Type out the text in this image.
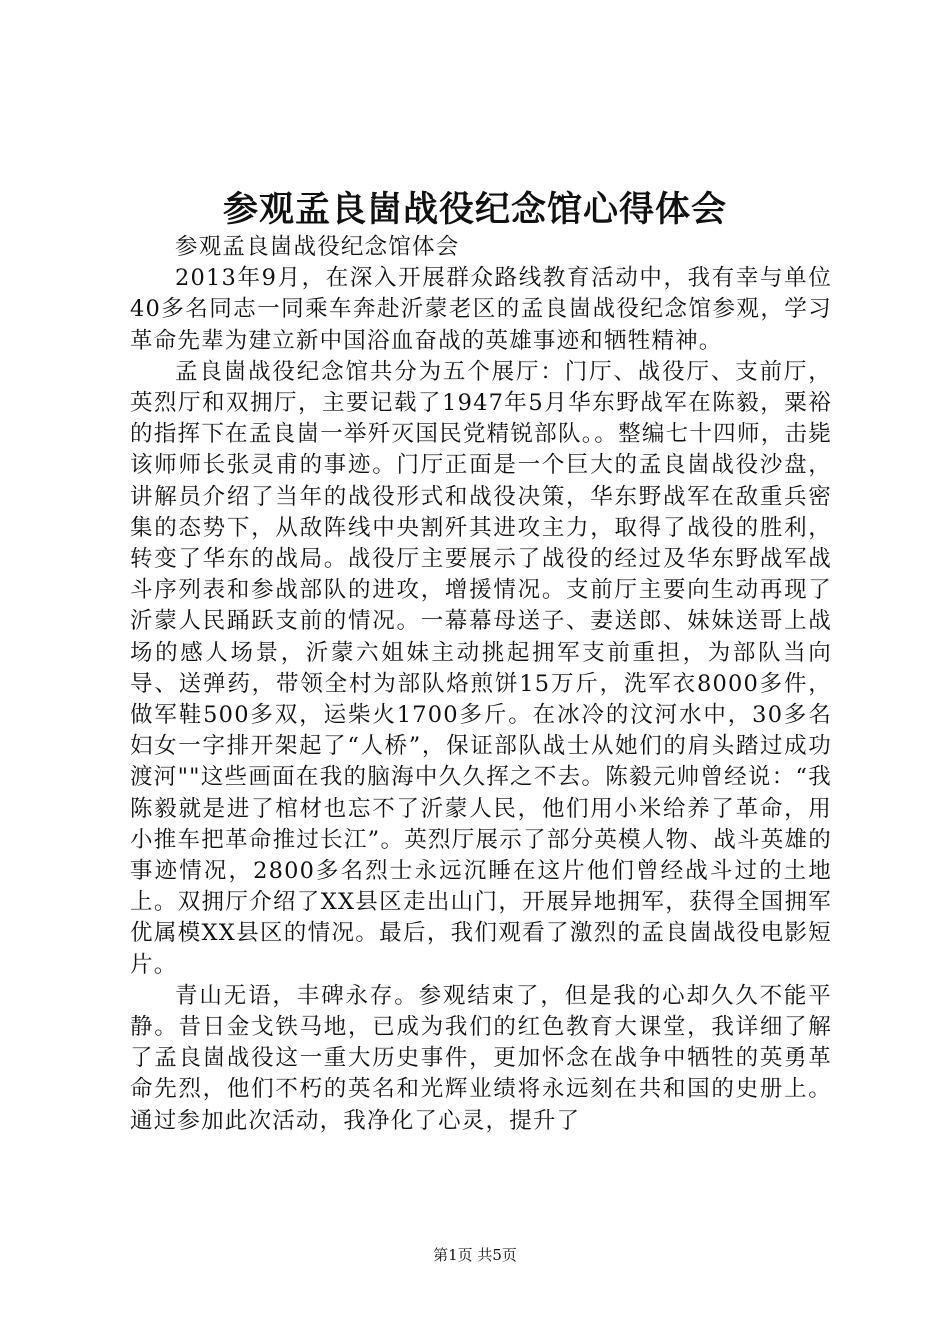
参观孟良崮战役纪念馆心得体会

参观孟良崮战役纪念馆体会

2013年9月，在深入开展群众路线教育活动中，我有幸与单位40多名同志一同乘车奔赴沂蒙老区的孟良崮战役纪念馆参观，学习革命先辈为建立新中国浴血奋战的英雄事迹和牺牲精神。

孟良崮战役纪念馆共分为五个展厅：门厅、战役厅、支前厅，英烈厅和双拥厅，主要记载了1947年5月华东野战军在陈毅，粟裕的指挥下在孟良崮一举歼灭国民党精锐部队。。整编七十四师，击毙该师师长张灵甫的事迹。门厅正面是一个巨大的孟良崮战役沙盘，讲解员介绍了当年的战役形式和战役决策，华东野战军在敌重兵密集的态势下，从敌阵线中央割歼其进攻主力，取得了战役的胜利，转变了华东的战局。战役厅主要展示了战役的经过及华东野战军战斗序列表和参战部队的进攻，增援情况。支前厅主要向生动再现了沂蒙人民踊跃支前的情况。一幕幕母送子、妻送郎、妹妹送哥上战场的感人场景，沂蒙六姐妹主动挑起拥军支前重担，为部队当向导、送弹药，带领全村为部队烙煎饼15万斤，洗军衣8000多件，做军鞋500多双，运柴火1700多斤。在冰冷的汶河水中，30多名妇女一字排开架起了“人桥”，保证部队战士从她们的肩头踏过成功渡河""这些画面在我的脑海中久久挥之不去。陈毅元帅曾经说：“我陈毅就是进了棺材也忘不了沂蒙人民，他们用小米给养了革命，用小推车把革命推过长江”。英烈厅展示了部分英模人物、战斗英雄的事迹情况，2800多名烈士永远沉睡在这片他们曾经战斗过的土地上。双拥厅介绍了XX县区走出山门，开展异地拥军，获得全国拥军优属模XX县区的情况。最后，我们观看了激烈的孟良崮战役电影短片。

青山无语，丰碑永存。参观结束了，但是我的心却久久不能平静。昔日金戈铁马地，已成为我们的红色教育大课堂，我详细了解了孟良崮战役这一重大历史事件，更加怀念在战争中牺牲的英勇革命先烈，他们不朽的英名和光辉业绩将永远刻在共和国的史册上。通过参加此次活动，我净化了心灵，提升了

第1页 共5页
